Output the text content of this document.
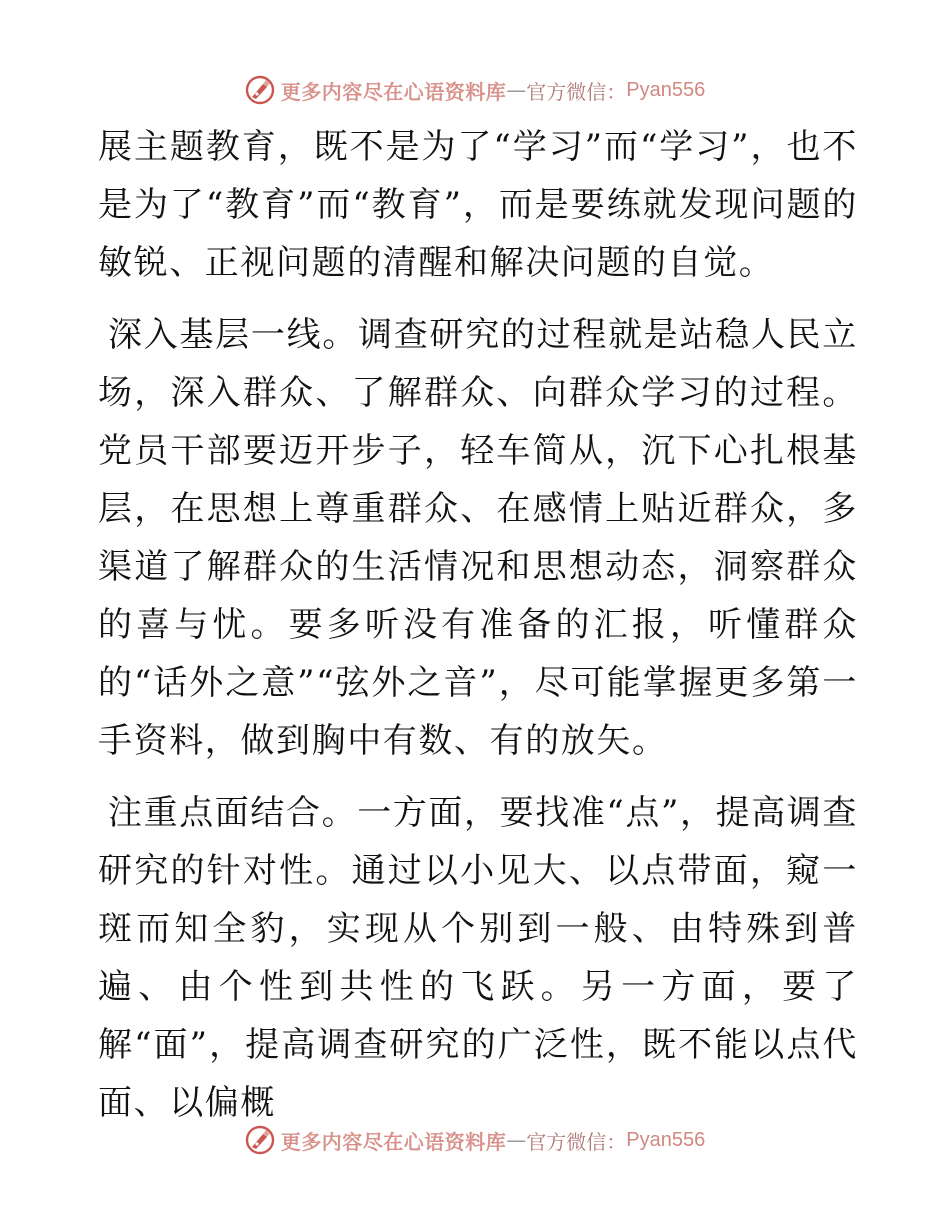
更多内容尽在心语资料库 — 官方微信： Pyan556

展主题教育，既不是为了“学习”而“学习”，也不是为了“教育”而“教育”，而是要练就发现问题的敏锐、正视问题的清醒和解决问题的自觉。

深入基层一线。调查研究的过程就是站稳人民立场，深入群众、了解群众、向群众学习的过程。党员干部要迈开步子，轻车简从，沉下心扎根基层，在思想上尊重群众、在感情上贴近群众，多渠道了解群众的生活情况和思想动态，洞察群众的喜与忧。要多听没有准备的汇报，听懂群众的“话外之意”“弦外之音”，尽可能掌握更多第一手资料，做到胸中有数、有的放矢。

注重点面结合。一方面，要找准“点”，提高调查研究的针对性。通过以小见大、以点带面，窥一斑而知全豹，实现从个别到一般、由特殊到普遍、由个性到共性的飞跃。另一方面，要了解“面”，提高调查研究的广泛性，既不能以点代面、以偏概

更多内容尽在心语资料库 — 官方微信： Pyan556
